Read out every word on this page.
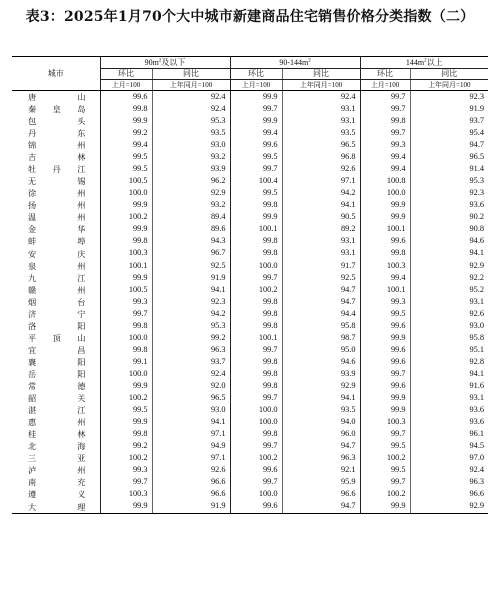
表3：2025年1月70个大中城市新建商品住宅销售价格分类指数（二）
城市	$90m^2$及以下		$90-144m^2$		$144m^2$以上	
	环比	同比	环比	同比	环比	同比
	上月=100	上年同月=100	上月=100	上年同月=100	上月=100	上年同月=100
唐山	99.6	92.4	99.9	92.4	99.7	92.3
秦皇岛	99.8	92.4	99.7	93.1	99.7	91.9
包头	99.9	95.3	99.9	93.1	99.8	93.7
丹东	99.2	93.5	99.4	93.5	99.7	95.4
锦州	99.4	93.0	99.6	96.5	99.3	94.7
吉林	99.5	93.2	99.5	96.8	99.4	96.5
牡丹江	99.5	93.9	99.7	92.6	99.4	91.4
无锡	100.5	96.2	100.4	97.1	100.8	95.3
徐州	100.0	92.9	99.5	94.2	100.0	92.3
扬州	99.9	93.2	99.8	94.1	99.9	93.6
温州	100.2	89.4	99.9	90.5	99.9	90.2
金华	99.9	89.6	100.1	89.2	100.1	90.8
蚌埠	99.8	94.3	99.8	93.1	99.6	94.6
安庆	100.3	96.7	99.8	93.1	99.8	94.1
泉州	100.1	92.5	100.0	91.7	100.3	92.9
九江	99.9	91.9	99.7	92.5	99.4	92.2
赣州	100.5	94.1	100.2	94.7	100.1	95.2
烟台	99.3	92.3	99.8	94.7	99.3	93.1
济宁	99.7	94.2	99.8	94.4	99.5	92.6
洛阳	99.8	95.3	99.8	95.8	99.6	93.0
平顶山	100.0	99.2	100.1	98.7	99.9	95.8
宜昌	99.8	96.3	99.7	95.0	99.6	95.1
襄阳	99.1	93.7	99.8	94.6	99.6	92.8
岳阳	100.0	92.4	99.8	93.9	99.7	94.1
常德	99.9	92.0	99.8	92.9	99.6	91.6
韶关	100.2	96.5	99.7	94.1	99.9	93.1
湛江	99.5	93.0	100.0	93.5	99.9	93.6
惠州	99.9	94.1	100.0	94.0	100.3	93.6
桂林	99.8	97.1	99.8	96.0	99.7	96.1
北海	99.2	94.9	99.7	94.7	99.5	94.5
三亚	100.2	97.1	100.2	96.3	100.2	97.0
泸州	99.3	92.6	99.6	92.1	99.5	92.4
南充	99.7	96.6	99.7	95.9	99.7	96.3
遵义	100.3	96.6	100.0	96.6	100.2	96.6
大理	99.9	91.9	99.6	94.7	99.9	92.9
